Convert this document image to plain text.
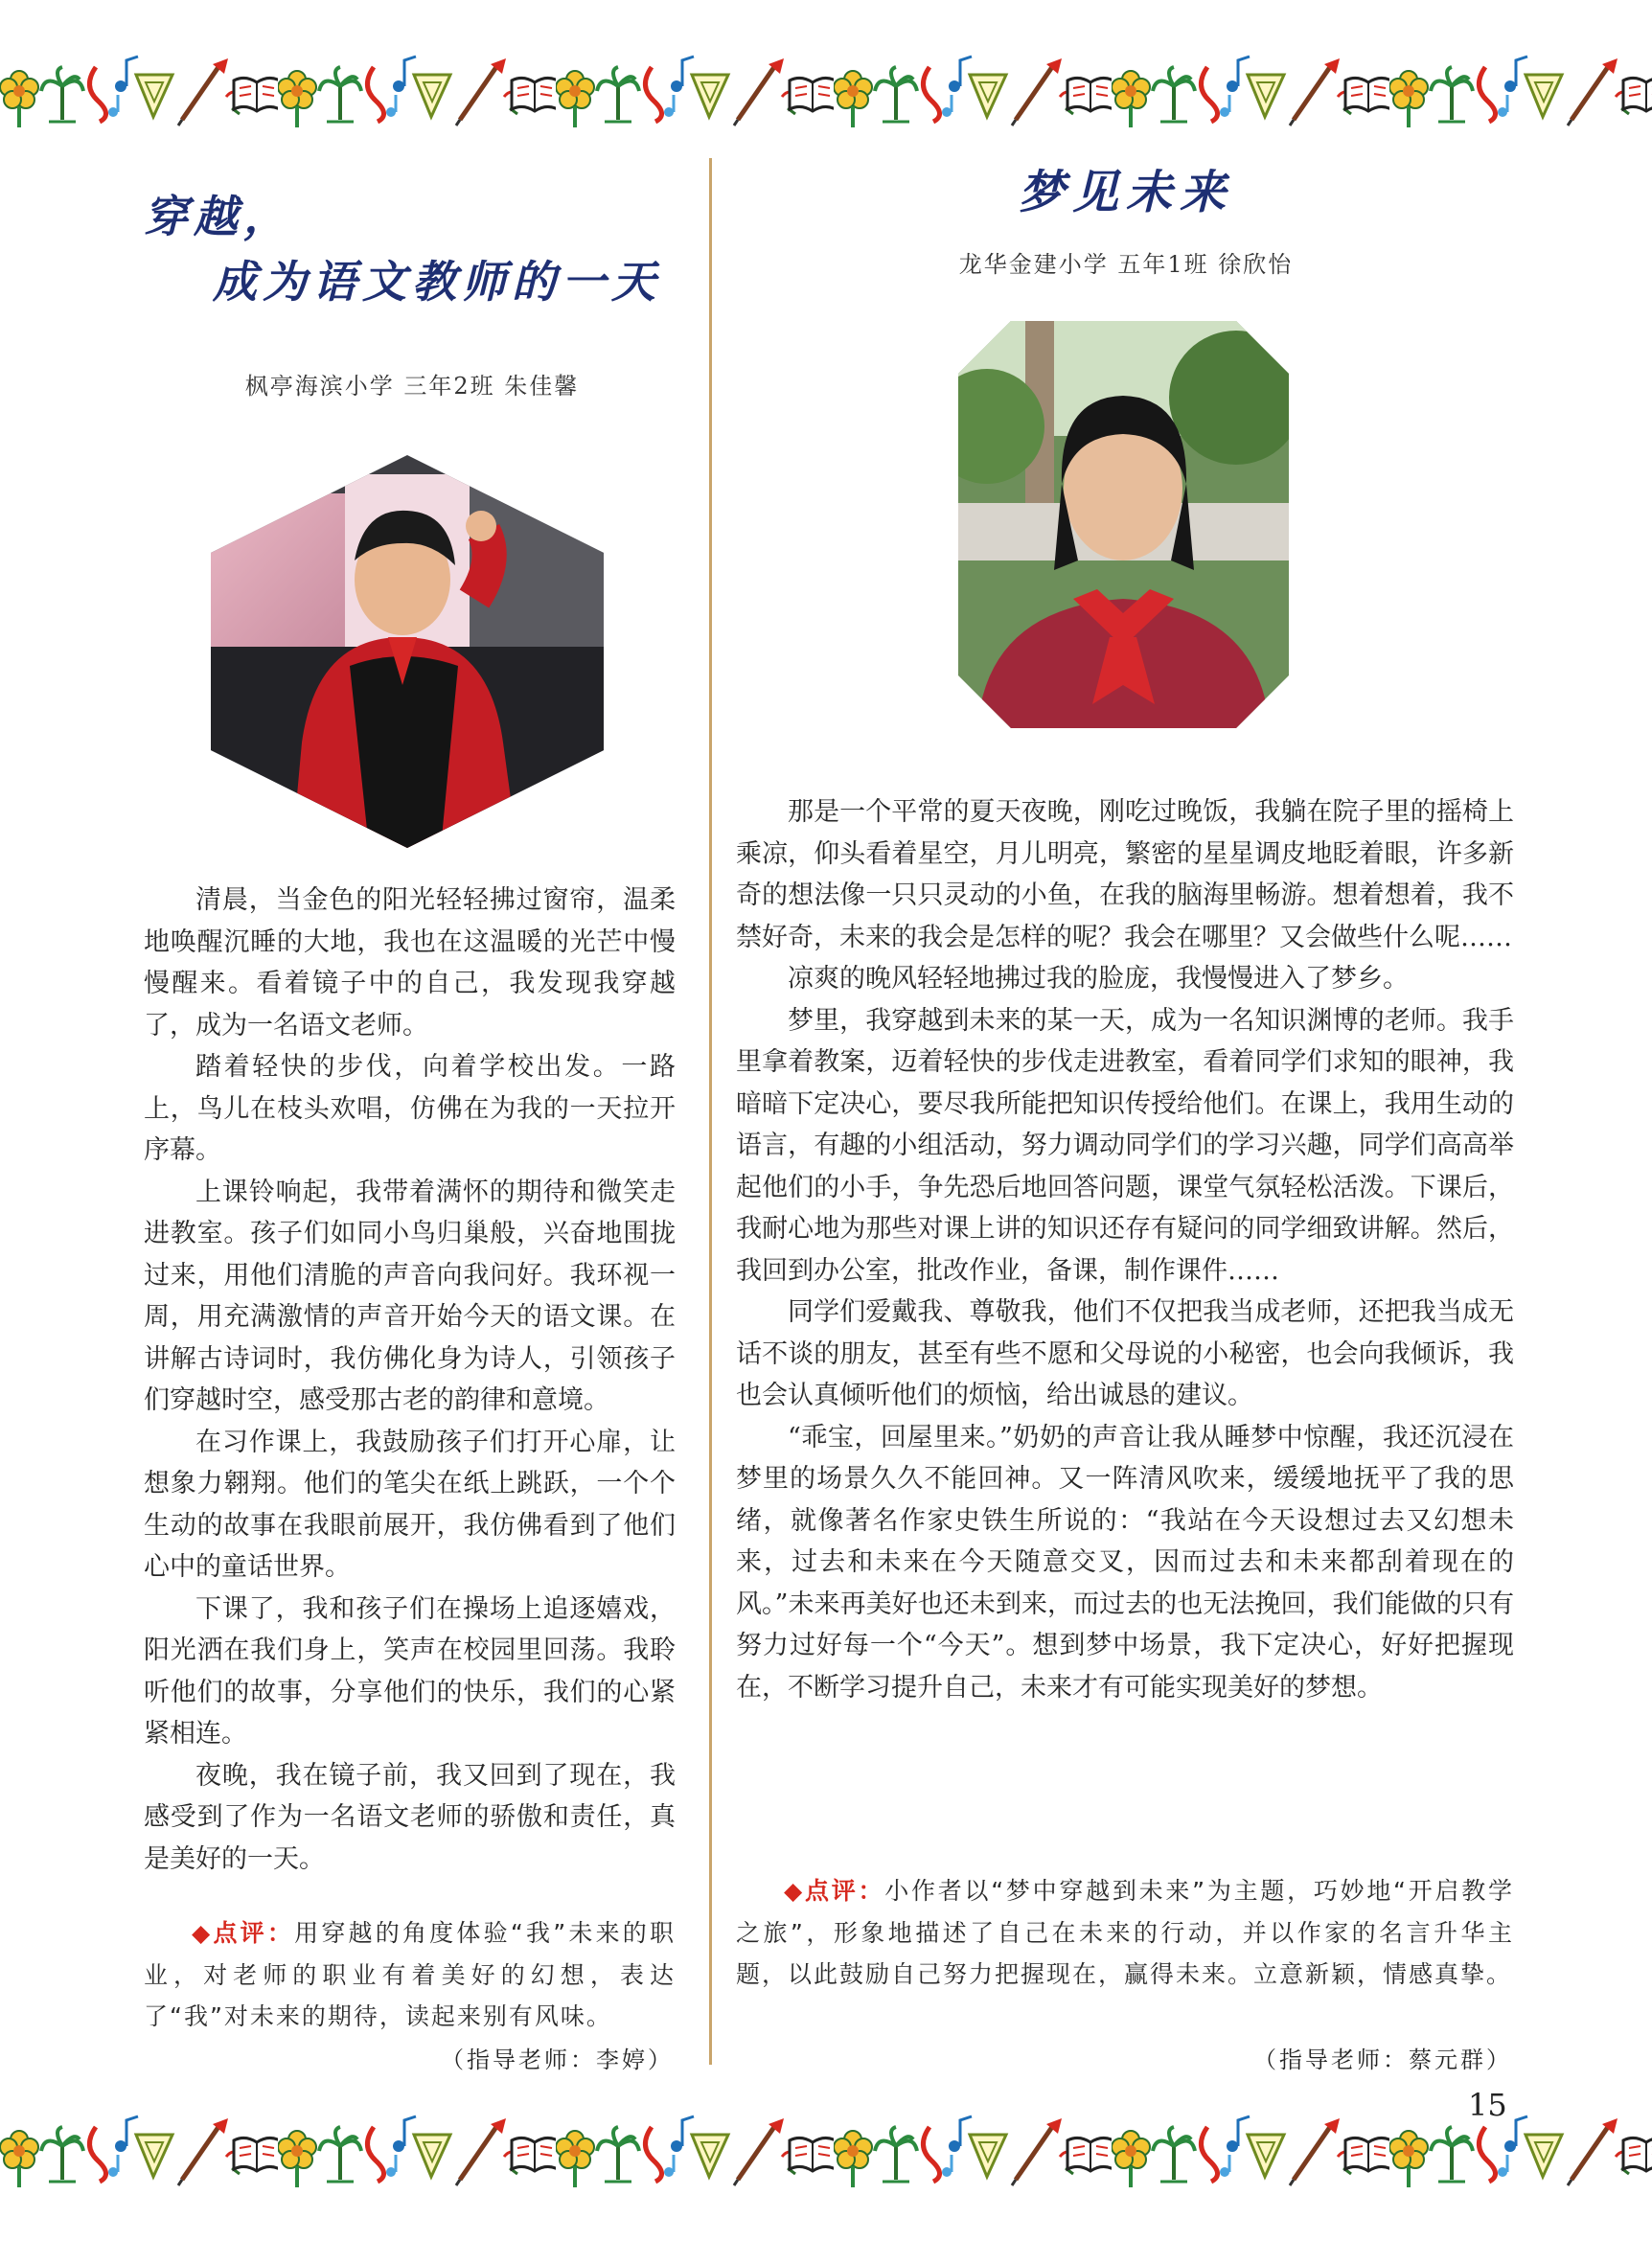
穿越，
成为语文教师的一天
枫亭海滨小学 三年2班 朱佳馨

清晨，当金色的阳光轻轻拂过窗帘，温柔地唤醒沉睡的大地，我也在这温暖的光芒中慢慢醒来。看着镜子中的自己，我发现我穿越了，成为一名语文老师。

踏着轻快的步伐，向着学校出发。一路上，鸟儿在枝头欢唱，仿佛在为我的一天拉开序幕。

上课铃响起，我带着满怀的期待和微笑走进教室。孩子们如同小鸟归巢般，兴奋地围拢过来，用他们清脆的声音向我问好。我环视一周，用充满激情的声音开始今天的语文课。在讲解古诗词时，我仿佛化身为诗人，引领孩子们穿越时空，感受那古老的韵律和意境。

在习作课上，我鼓励孩子们打开心扉，让想象力翱翔。他们的笔尖在纸上跳跃，一个个生动的故事在我眼前展开，我仿佛看到了他们心中的童话世界。

下课了，我和孩子们在操场上追逐嬉戏，阳光洒在我们身上，笑声在校园里回荡。我聆听他们的故事，分享他们的快乐，我们的心紧紧相连。

夜晚，我在镜子前，我又回到了现在，我感受到了作为一名语文老师的骄傲和责任，真是美好的一天。

◆点评：用穿越的角度体验“我”未来的职业，对老师的职业有着美好的幻想，表达了“我”对未来的期待，读起来别有风味。

（指导老师：李婷）
梦见未来
龙华金建小学 五年1班 徐欣怡

那是一个平常的夏天夜晚，刚吃过晚饭，我躺在院子里的摇椅上乘凉，仰头看着星空，月儿明亮，繁密的星星调皮地眨着眼，许多新奇的想法像一只只灵动的小鱼，在我的脑海里畅游。想着想着，我不禁好奇，未来的我会是怎样的呢？我会在哪里？又会做些什么呢……

凉爽的晚风轻轻地拂过我的脸庞，我慢慢进入了梦乡。

梦里，我穿越到未来的某一天，成为一名知识渊博的老师。我手里拿着教案，迈着轻快的步伐走进教室，看着同学们求知的眼神，我暗暗下定决心，要尽我所能把知识传授给他们。在课上，我用生动的语言，有趣的小组活动，努力调动同学们的学习兴趣，同学们高高举起他们的小手，争先恐后地回答问题，课堂气氛轻松活泼。下课后，我耐心地为那些对课上讲的知识还存有疑问的同学细致讲解。然后，我回到办公室，批改作业，备课，制作课件……

同学们爱戴我、尊敬我，他们不仅把我当成老师，还把我当成无话不谈的朋友，甚至有些不愿和父母说的小秘密，也会向我倾诉，我也会认真倾听他们的烦恼，给出诚恳的建议。

“乖宝，回屋里来。”奶奶的声音让我从睡梦中惊醒，我还沉浸在梦里的场景久久不能回神。又一阵清风吹来，缓缓地抚平了我的思绪，就像著名作家史铁生所说的：“我站在今天设想过去又幻想未来，过去和未来在今天随意交叉，因而过去和未来都刮着现在的风。”未来再美好也还未到来，而过去的也无法挽回，我们能做的只有努力过好每一个“今天”。想到梦中场景，我下定决心，好好把握现在，不断学习提升自己，未来才有可能实现美好的梦想。

◆点评：小作者以“梦中穿越到未来”为主题，巧妙地“开启教学之旅”，形象地描述了自己在未来的行动，并以作家的名言升华主题，以此鼓励自己努力把握现在，赢得未来。立意新颖，情感真挚。

（指导老师：蔡元群）
15
